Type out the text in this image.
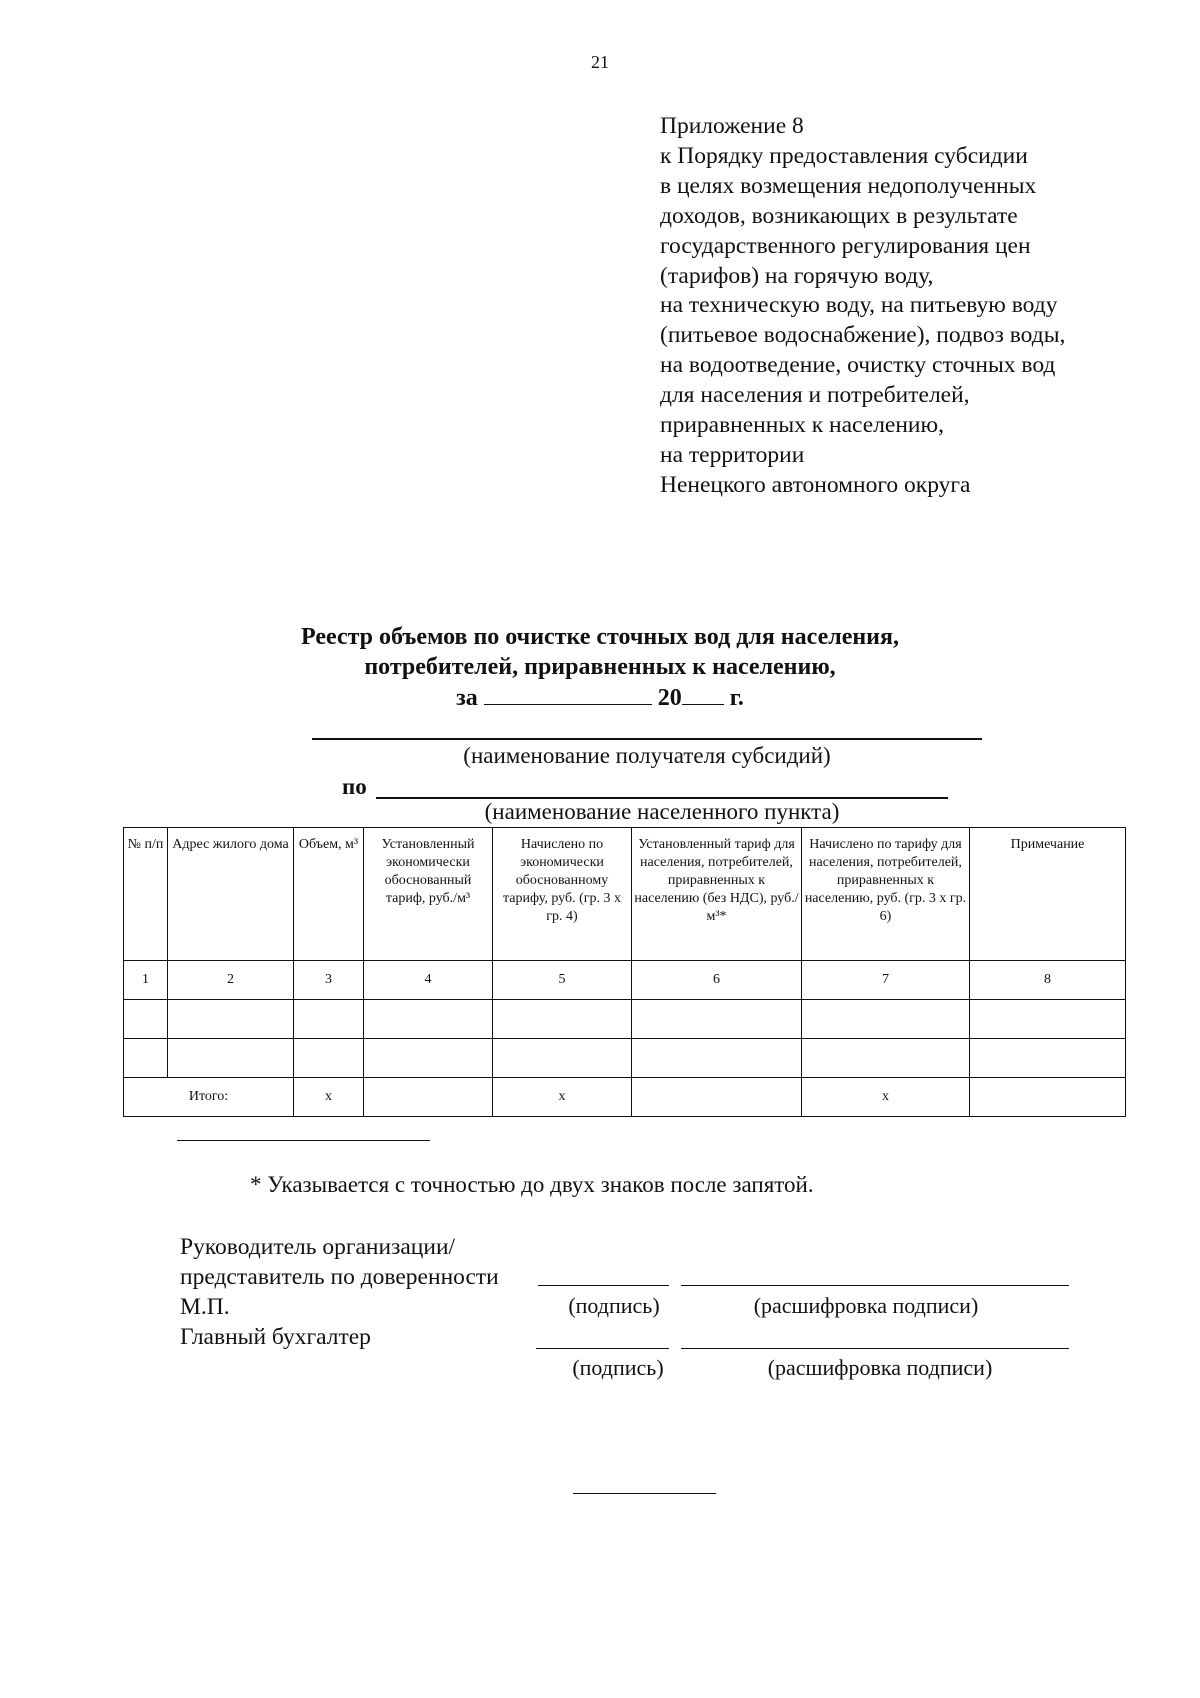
21
Приложение 8
к Порядку предоставления субсидии
в целях возмещения недополученных
доходов, возникающих в результате
государственного регулирования цен
(тарифов) на горячую воду,
на техническую воду, на питьевую воду
(питьевое водоснабжение), подвоз воды,
на водоотведение, очистку сточных вод
для населения и потребителей,
приравненных к населению,
на территории
Ненецкого автономного округа
Реестр объемов по очистке сточных вод для населения,
потребителей, приравненных к населению,
за	20 г.
(наименование получателя субсидий)
по
(наименование населенного пункта)
№ п/п	Адрес жилого дома	Объем, м³	Установленный экономически обоснованный тариф, руб./м³	Начислено по экономически обоснованному тарифу, руб. (гр. 3 х гр. 4)	Установленный тариф для населения, потребителей, приравненных к населению (без НДС), руб./м³*	Начислено по тарифу для населения, потребителей, приравненных к населению, руб. (гр. 3 х гр. 6)	Примечание
1	2	3	4	5	6	7	8

Итого:		х		х		х	
* Указывается с точностью до двух знаков после запятой.
Руководитель организации/
представитель по доверенности
М.П.
Главный бухгалтер
(подпись)	(расшифровка подписи)
(подпись)	(расшифровка подписи)
